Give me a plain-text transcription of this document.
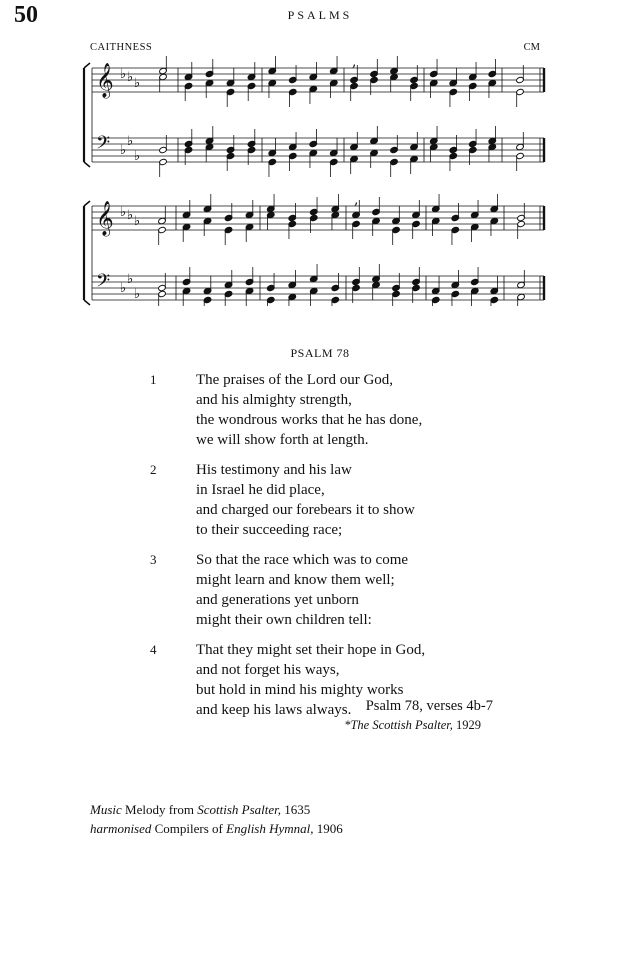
50	PSALMS
CAITHNESS	CM
𝄞 ♭ ♭ ♭
𝄢 ♭
♭
♭
,
𝄞 ♭ ♭ ♭
𝄢 ♭
♭
♭
,
PSALM 78
1	The praises of the Lord our God,
and his almighty strength,
the wondrous works that he has done,
we will show forth at length.
2	His testimony and his law
in Israel he did place,
and charged our forebears it to show
to their succeeding race;
3	So that the race which was to come
might learn and know them well;
and generations yet unborn
might their own children tell:
4	That they might set their hope in God,
and not forget his ways,
but hold in mind his mighty works
and keep his laws always. Psalm 78, verses 4b-7
*The Scottish Psalter, 1929
Music Melody from Scottish Psalter, 1635
harmonised Compilers of English Hymnal, 1906
